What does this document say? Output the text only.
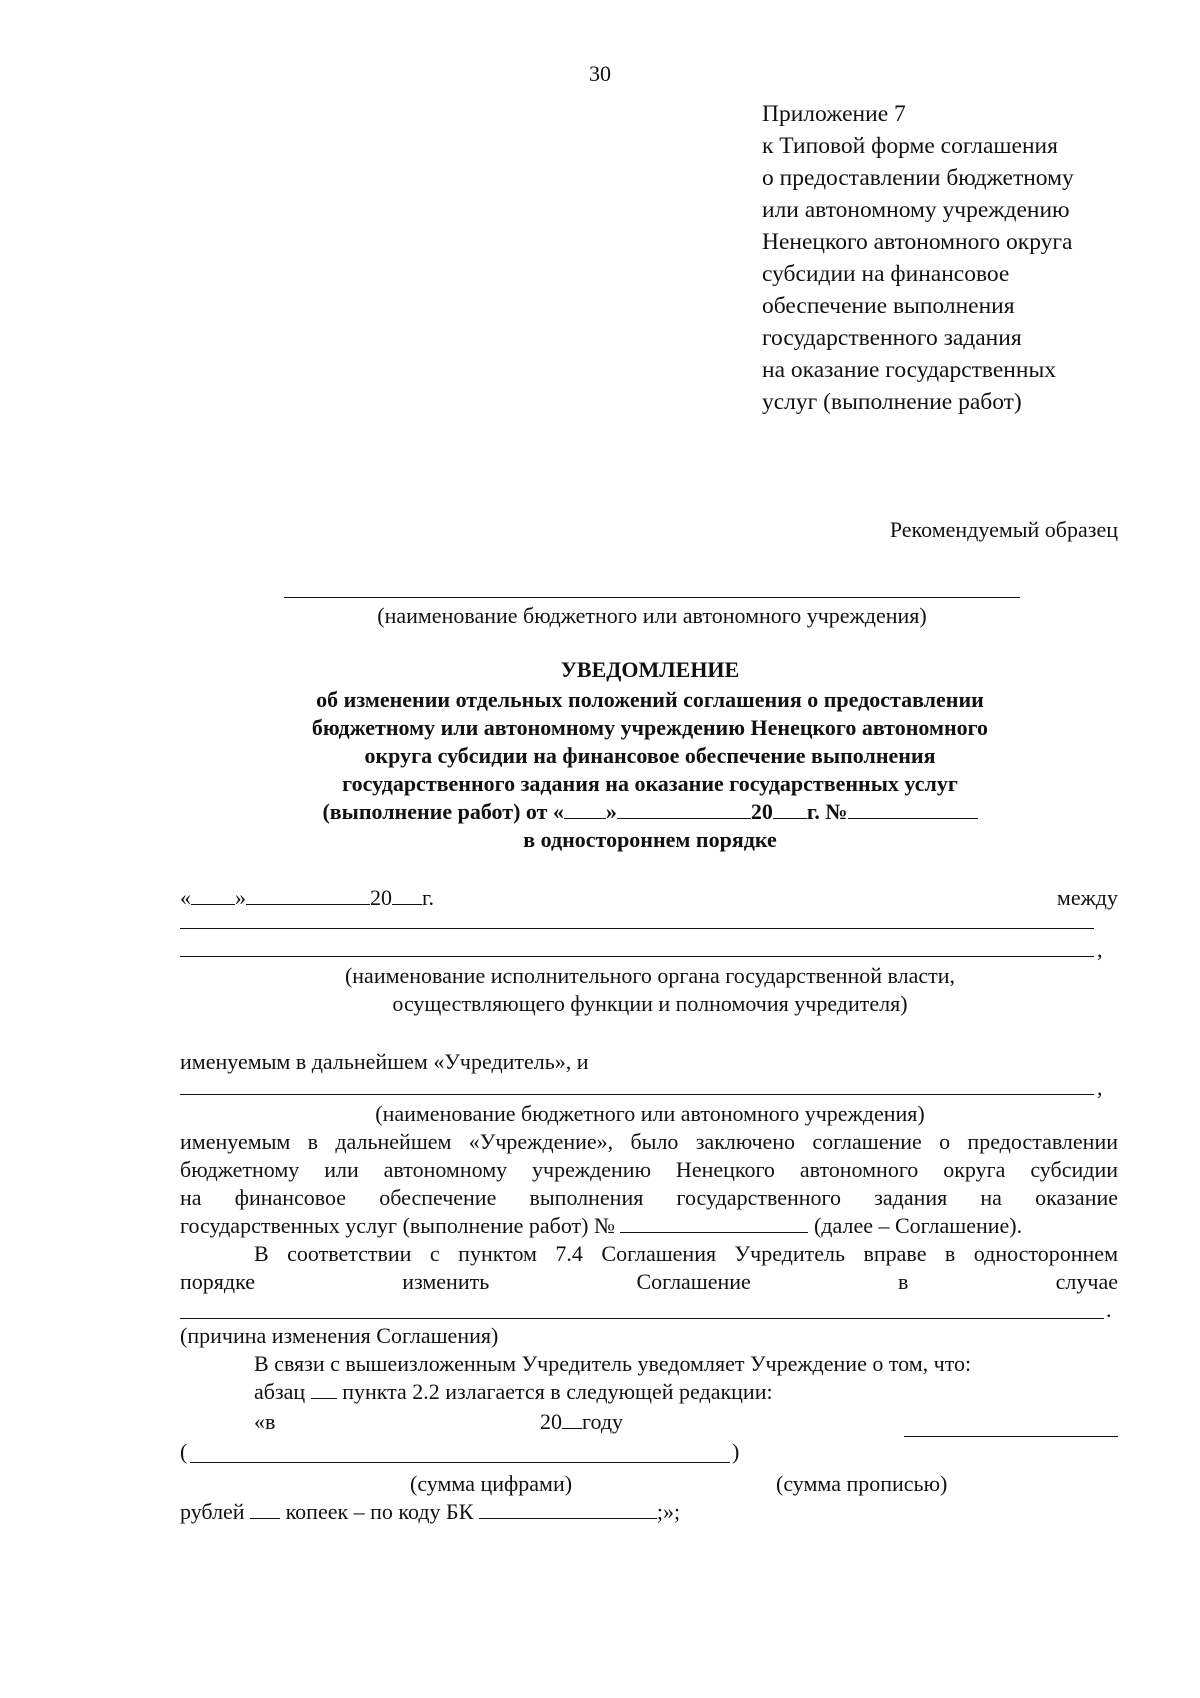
30
Приложение 7
к Типовой форме соглашения
о предоставлении бюджетному
или автономному учреждению
Ненецкого автономного округа
субсидии на финансовое
обеспечение выполнения
государственного задания
на оказание государственных
услуг (выполнение работ)
Рекомендуемый образец
(наименование бюджетного или автономного учреждения)
УВЕДОМЛЕНИЕ
об изменении отдельных положений соглашения о предоставлении
бюджетному или автономному учреждению Ненецкого автономного
округа субсидии на финансовое обеспечение выполнения
государственного задания на оказание государственных услуг
(выполнение работ) от « »	20 г. №
в одностороннем порядке
« »	20 г.	между
,
(наименование исполнительного органа государственной власти,
осуществляющего функции и полномочия учредителя)
именуемым в дальнейшем «Учредитель», и
,
(наименование бюджетного или автономного учреждения)
именуемым в дальнейшем «Учреждение», было заключено соглашение о предоставлении
бюджетному или автономному учреждению Ненецкого автономного округа субсидии
на финансовое обеспечение выполнения государственного задания на оказание
государственных услуг (выполнение работ) №	(далее – Соглашение).
В соответствии с пунктом 7.4 Соглашения Учредитель вправе в одностороннем
порядке	изменить	Соглашение	в	случае
.
(причина изменения Соглашения)
В связи с вышеизложенным Учредитель уведомляет Учреждение о том, что:
абзац пункта 2.2 излагается в следующей редакции:
«в	20 году
(	)
(сумма цифрами)	(сумма прописью)
рублей копеек – по коду БК	;»;
